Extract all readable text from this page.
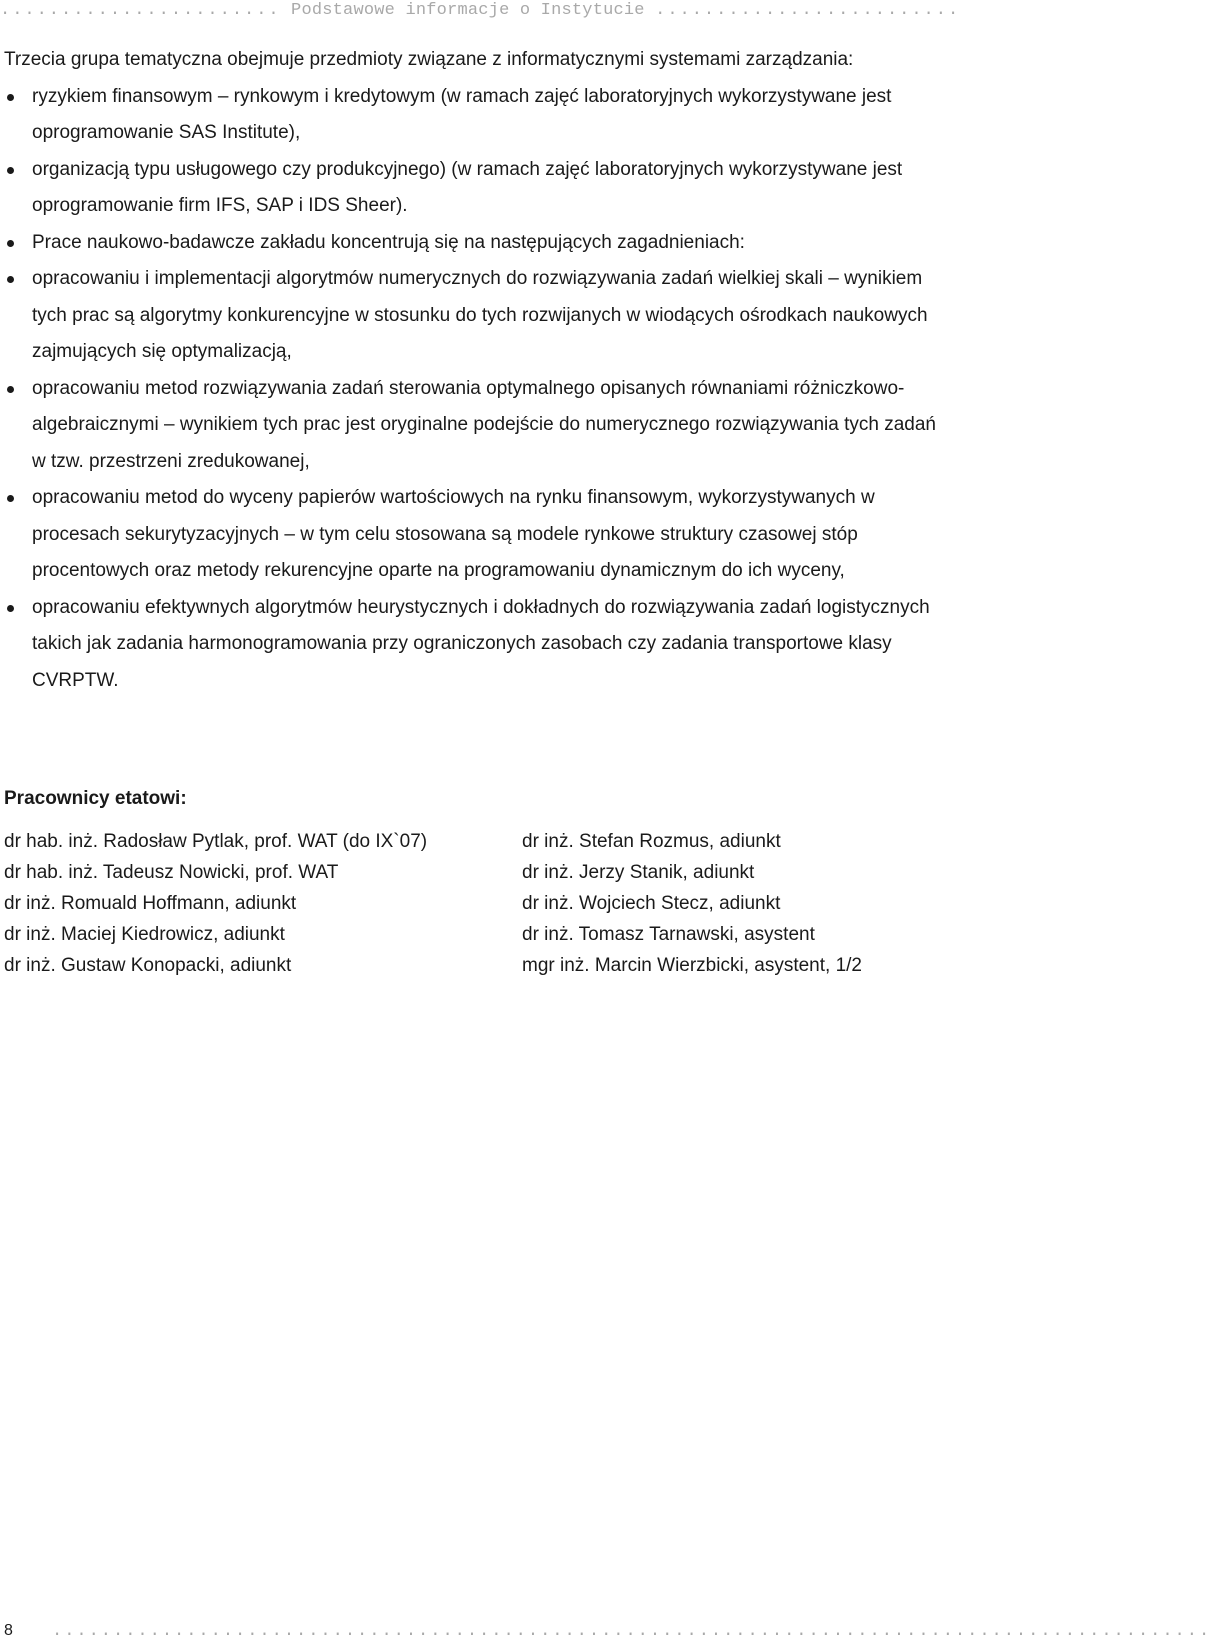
....................... Podstawowe informacje o Instytucie .........................

Trzecia grupa tematyczna obejmuje przedmioty związane z informatycznymi systemami zarządzania:

ryzykiem finansowym – rynkowym i kredytowym (w ramach zajęć laboratoryjnych wykorzystywane jest oprogramowanie SAS Institute),
organizacją typu usługowego czy produkcyjnego) (w ramach zajęć laboratoryjnych wykorzystywane jest oprogramowanie firm IFS, SAP i IDS Sheer).
Prace naukowo-badawcze zakładu koncentrują się na następujących zagadnieniach:
opracowaniu i implementacji algorytmów numerycznych do rozwiązywania zadań wielkiej skali – wynikiem tych prac są algorytmy konkurencyjne w stosunku do tych rozwijanych w wiodących ośrodkach naukowych zajmujących się optymalizacją,
opracowaniu metod rozwiązywania zadań sterowania optymalnego opisanych równaniami różniczkowo-algebraicznymi – wynikiem tych prac jest oryginalne podejście do numerycznego rozwiązywania tych zadań w tzw. przestrzeni zredukowanej,
opracowaniu metod do wyceny papierów wartościowych na rynku finansowym, wykorzystywanych w procesach sekurytyzacyjnych – w tym celu stosowana są modele rynkowe struktury czasowej stóp procentowych oraz metody rekurencyjne oparte na programowaniu dynamicznym do ich wyceny,
opracowaniu efektywnych algorytmów heurystycznych i dokładnych do rozwiązywania zadań logistycznych takich jak zadania harmonogramowania przy ograniczonych zasobach czy zadania transportowe klasy CVRPTW.
Pracownicy etatowi:
dr hab. inż. Radosław Pytlak, prof. WAT (do IX`07)
dr hab. inż. Tadeusz Nowicki, prof. WAT
dr inż. Romuald Hoffmann, adiunkt
dr inż. Maciej Kiedrowicz, adiunkt
dr inż. Gustaw Konopacki, adiunkt
dr inż. Stefan Rozmus, adiunkt
dr inż. Jerzy Stanik, adiunkt
dr inż. Wojciech Stecz, adiunkt
dr inż. Tomasz Tarnawski, asystent
mgr inż. Marcin Wierzbicki, asystent, 1/2
8 ...............................................................................................
